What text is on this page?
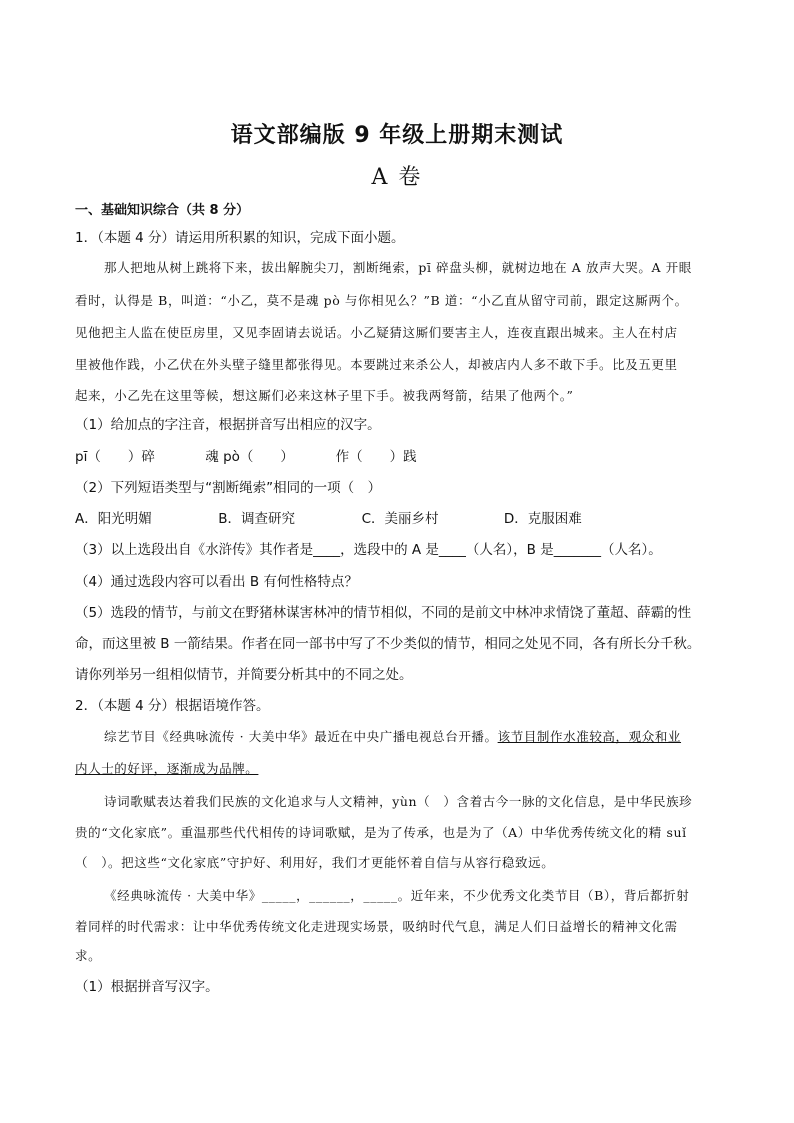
语文部编版 9 年级上册期末测试
A 卷
一、基础知识综合（共 8 分）
1．（本题 4 分）请运用所积累的知识，完成下面小题。
那人把地从树上跳将下来，拔出解腕尖刀，割断绳索，pī 碎盘头柳，就树边地在 A 放声大哭。A 开眼
看时，认得是 B，叫道：“小乙，莫不是魂 pò 与你相见么？”B 道：“小乙直从留守司前，跟定这厮两个。
见他把主人监在使臣房里，又见李固请去说话。小乙疑猜这厮们要害主人，连夜直跟出城来。主人在村店
里被他作践，小乙伏在外头壁子缝里都张得见。本要跳过来杀公人，却被店内人多不敢下手。比及五更里
起来，小乙先在这里等候，想这厮们必来这林子里下手。被我两弩箭，结果了他两个。”
（1）给加点的字注音，根据拼音写出相应的汉字。
pī（　　）碎	魂 pò（　　）	作（　　）践
（2）下列短语类型与“割断绳索”相同的一项（　）
A．阳光明媚	B．调查研究	C．美丽乡村	D．克服困难
（3）以上选段出自《水浒传》其作者是____，选段中的 A 是____（人名），B 是_______（人名）。
（4）通过选段内容可以看出 B 有何性格特点？
（5）选段的情节，与前文在野猪林谋害林冲的情节相似，不同的是前文中林冲求情饶了董超、薛霸的性
命，而这里被 B 一箭结果。作者在同一部书中写了不少类似的情节，相同之处见不同，各有所长分千秋。
请你列举另一组相似情节，并简要分析其中的不同之处。
2．（本题 4 分）根据语境作答。
综艺节目《经典咏流传 · 大美中华》最近在中央广播电视总台开播。该节目制作水准较高，观众和业
内人士的好评，逐渐成为品牌。
诗词歌赋表达着我们民族的文化追求与人文精神，yùn（　）含着古今一脉的文化信息，是中华民族珍
贵的“文化家底”。重温那些代代相传的诗词歌赋，是为了传承，也是为了（A）中华优秀传统文化的精 suǐ
（　）。把这些“文化家底”守护好、利用好，我们才更能怀着自信与从容行稳致远。
《经典咏流传 · 大美中华》_____，______，_____。近年来，不少优秀文化类节目（B），背后都折射
着同样的时代需求：让中华优秀传统文化走进现实场景，吸纳时代气息，满足人们日益增长的精神文化需
求。
（1）根据拼音写汉字。
